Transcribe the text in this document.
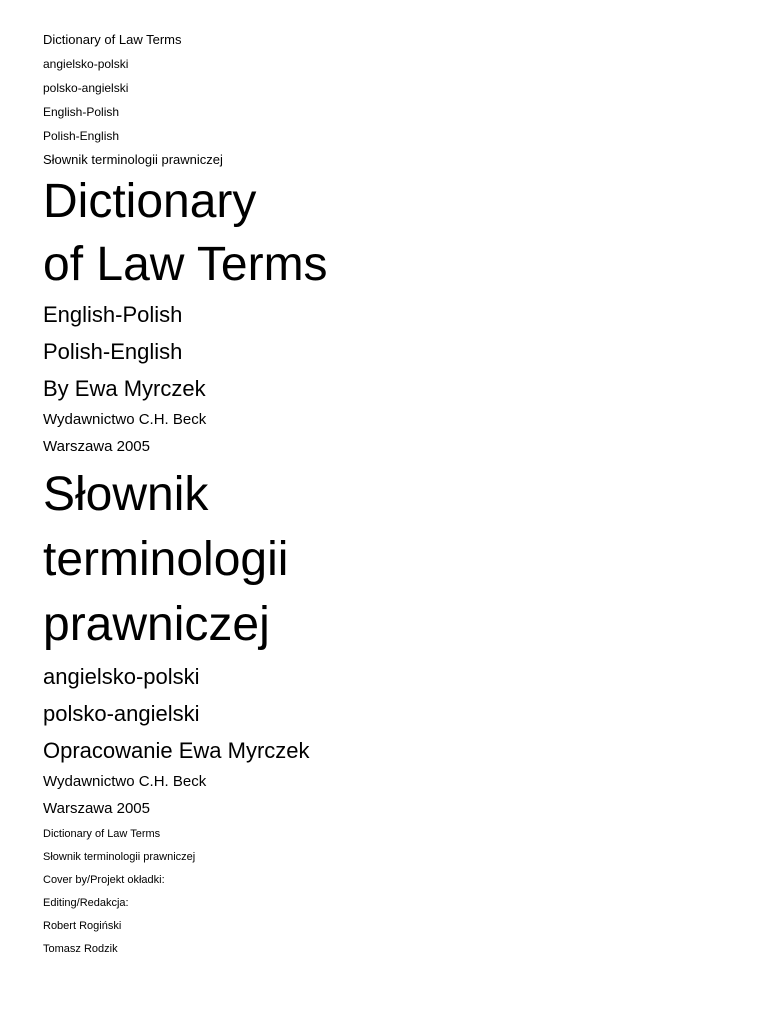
Dictionary of Law Terms
angielsko-polski
polsko-angielski
English-Polish
Polish-English
Słownik terminologii prawniczej
Dictionary
of Law Terms
English-Polish
Polish-English
By Ewa Myrczek
Wydawnictwo C.H. Beck
Warszawa 2005
Słownik
terminologii
prawniczej
angielsko-polski
polsko-angielski
Opracowanie Ewa Myrczek
Wydawnictwo C.H. Beck
Warszawa 2005
Dictionary of Law Terms
Słownik terminologii prawniczej
Cover by/Projekt okładki:
Editing/Redakcja:
Robert Rogiński
Tomasz Rodzik
